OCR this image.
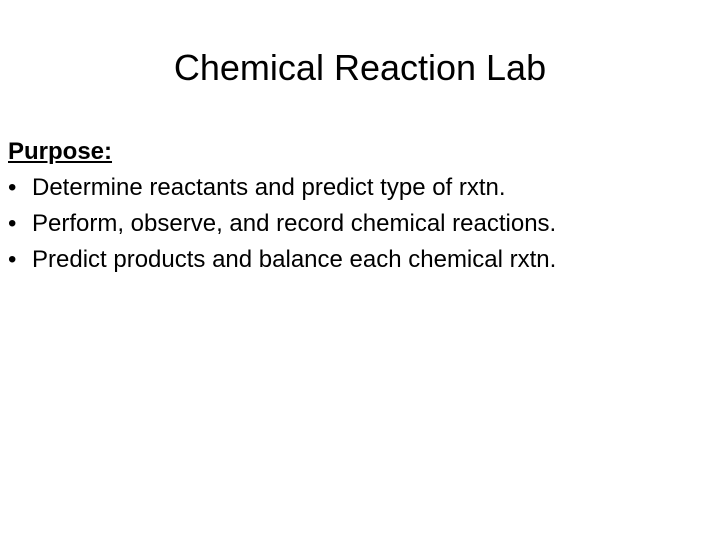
Chemical Reaction Lab
Purpose:
• Determine reactants and predict type of rxtn.
• Perform, observe, and record chemical reactions.
• Predict products and balance each chemical rxtn.
